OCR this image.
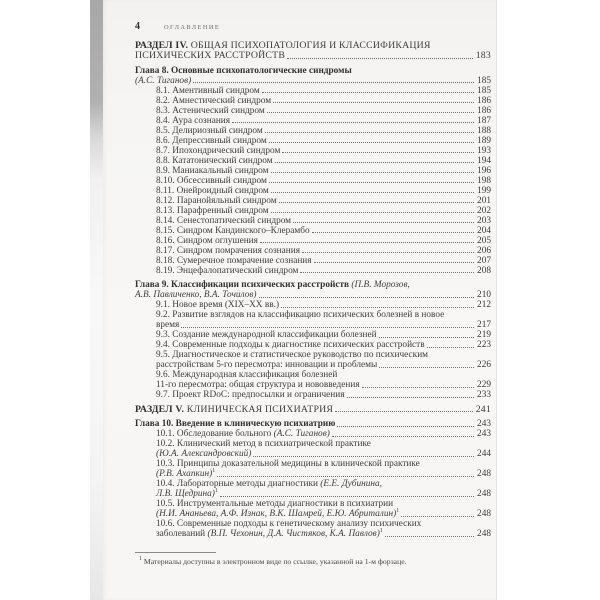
4	ОГЛАВЛЕНИЕ
РАЗДЕЛ IV. ОБЩАЯ ПСИХОПАТОЛОГИЯ И КЛАССИФИКАЦИЯ
ПСИХИЧЕСКИХ РАССТРОЙСТВ	183
Глава 8. Основные психопатологические синдромы
(А.С. Тиганов)	185
8.1. Аментивный синдром	185
8.2. Амнестический синдром	186
8.3. Астенический синдром	186
8.4. Аура сознания	187
8.5. Делириозный синдром	188
8.6. Депрессивный синдром	189
8.7. Ипохондрический синдром	193
8.8. Кататонический синдром	194
8.9. Маниакальный синдром	196
8.10. Обсессивный синдром	198
8.11. Онейроидный синдром	199
8.12. Паранойяльный синдром	201
8.13. Парафренный синдром	202
8.14. Сенестопатический синдром	203
8.15. Синдром Кандинского–Клерамбо	204
8.16. Синдром оглушения	205
8.17. Синдром помрачения сознания	206
8.18. Сумеречное помрачение сознания	207
8.19. Энцефалопатический синдром	208
Глава 9. Классификации психических расстройств (П.В. Морозов,
А.В. Павличенко, В.А. Точилов)	210
9.1. Новое время (XIX–XX вв.)	212
9.2. Развитие взглядов на классификацию психических болезней в новое
время	217
9.3. Создание международной классификации болезней	219
9.4. Современные подходы к диагностике психических расстройств	223
9.5. Диагностическое и статистическое руководство по психическим
расстройствам 5-го пересмотра: инновации и проблемы	226
9.6. Международная классификация болезней
11-го пересмотра: общая структура и нововведения	229
9.7. Проект RDoC: предпосылки и ограничения	233
РАЗДЕЛ V. КЛИНИЧЕСКАЯ ПСИХИАТРИЯ	241
Глава 10. Введение в клиническую психиатрию	243
10.1. Обследование больного (А.С. Тиганов)	243
10.2. Клинический метод в психиатрической практике
(Ю.А. Александровский)	244
10.3. Принципы доказательной медицины в клинической практике
(Р.В. Ахапкин)$^1$	248
10.4. Лабораторные методы диагностики (Е.Е. Дубинина,
Л.В. Щедрина)$^1$	248
10.5. Инструментальные методы диагностики в психиатрии
(Н.И. Ананьева, А.Ф. Изнак, В.К. Шамрей, Е.Ю. Абриталин)$^1$	248
10.6. Современные подходы к генетическому анализу психических
заболеваний (В.П. Чехонин, Д.А. Чистяков, К.А. Павлов)$^1$	248
$^1$ Материалы доступны в электронном виде по ссылке, указанной на 1-м форзаце.
